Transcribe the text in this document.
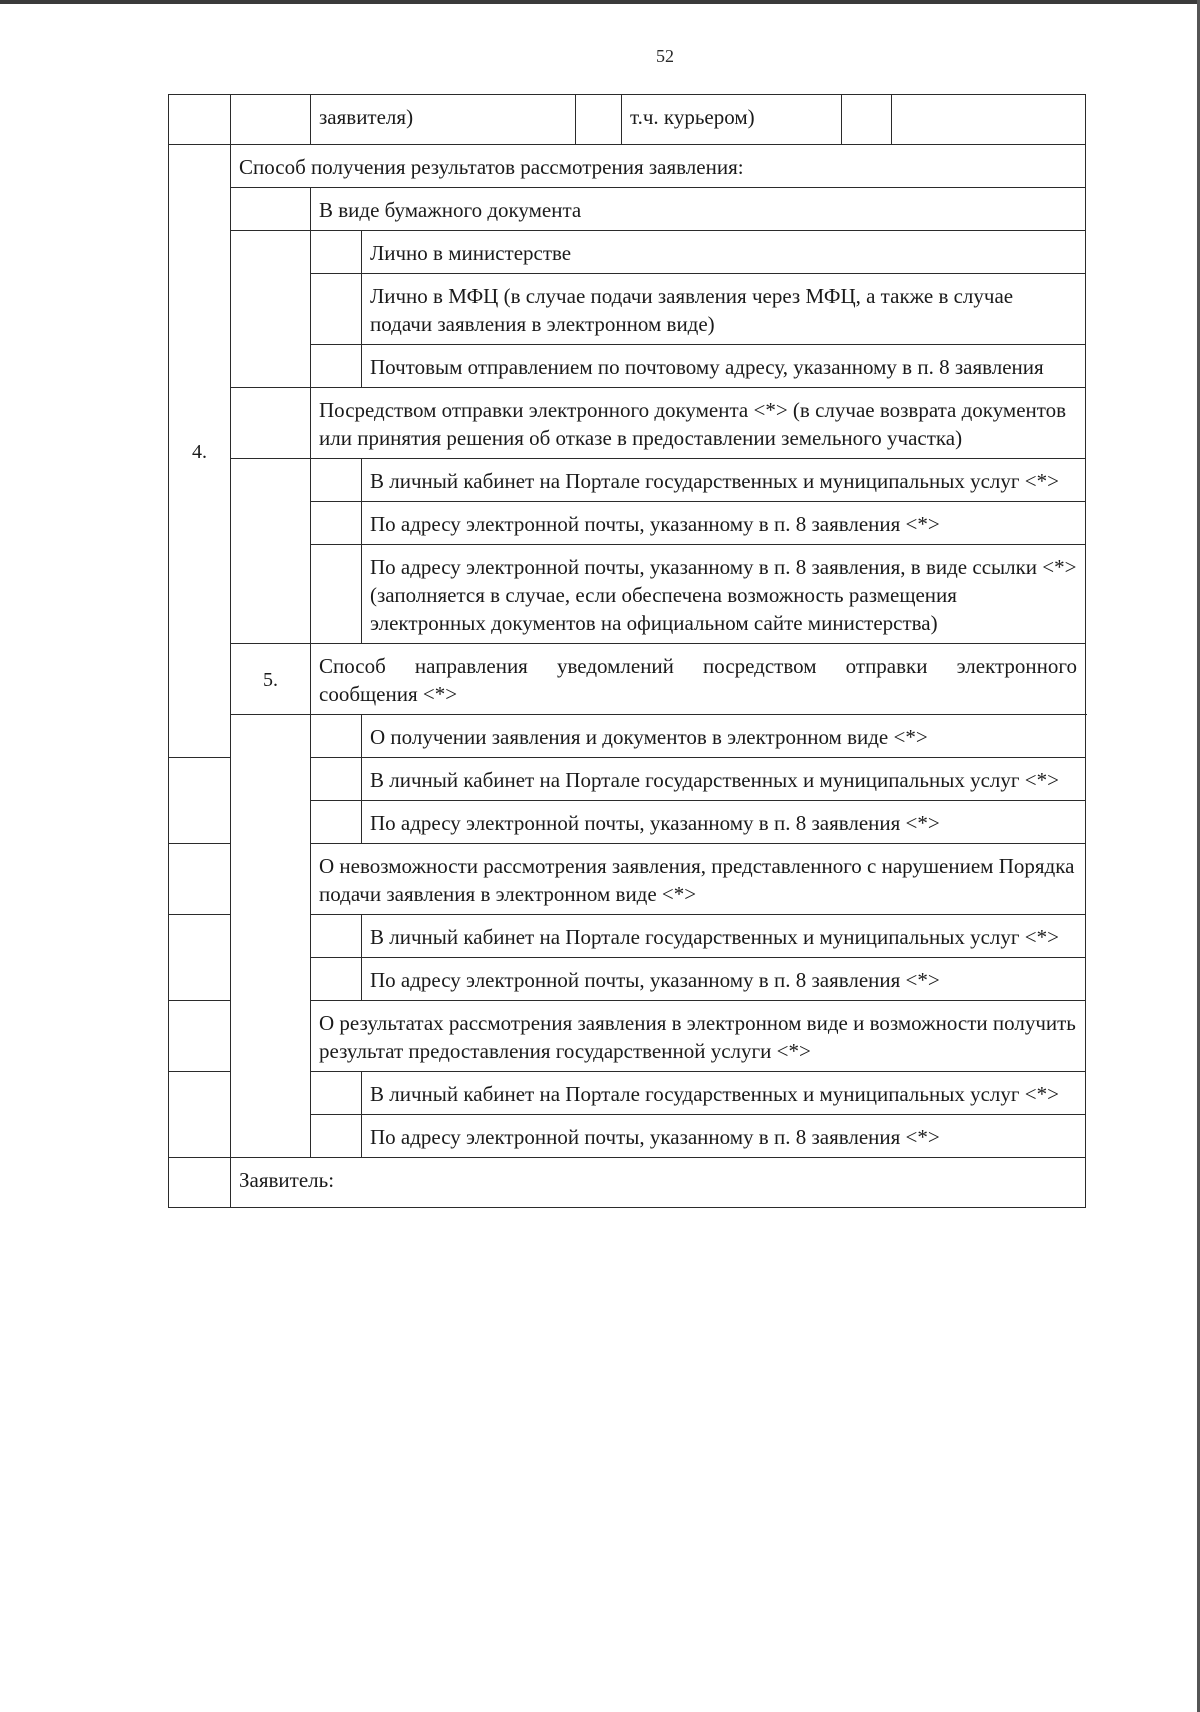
52
		заявителя)			т.ч. курьером)		
4.	Способ получения результатов рассмотрения заявления:						
		В виде бумажного документа					
			Лично в министерстве				
			Лично в МФЦ (в случае подачи заявления через МФЦ, а также в случае подачи заявления в электронном виде)				
			Почтовым отправлением по почтовому адресу, указанному в п. 8 заявления				
		Посредством отправки электронного документа <*> (в случае возврата документов или принятия решения об отказе в предоставлении земельного участка)					
			В личный кабинет на Портале государственных и муниципальных услуг <*>				
			По адресу электронной почты, указанному в п. 8 заявления <*>				

			По адресу электронной почты, указанному в п. 8 заявления, в виде ссылки <*>
(заполняется в случае, если обеспечена возможность размещения электронных документов на официальном сайте министерства)				

	5.	Способ направления уведомлений посредством отправки электронного
сообщения <*>					

			О получении заявления и документов в электронном виде <*>				
			В личный кабинет на Портале государственных и муниципальных услуг <*>				
			По адресу электронной почты, указанному в п. 8 заявления <*>				
		О невозможности рассмотрения заявления, представленного с нарушением Порядка подачи заявления в электронном виде <*>					
			В личный кабинет на Портале государственных и муниципальных услуг <*>				
			По адресу электронной почты, указанному в п. 8 заявления <*>				
		О результатах рассмотрения заявления в электронном виде и возможности получить результат предоставления государственной услуги <*>					
			В личный кабинет на Портале государственных и муниципальных услуг <*>				
			По адресу электронной почты, указанному в п. 8 заявления <*>				
	Заявитель:						
